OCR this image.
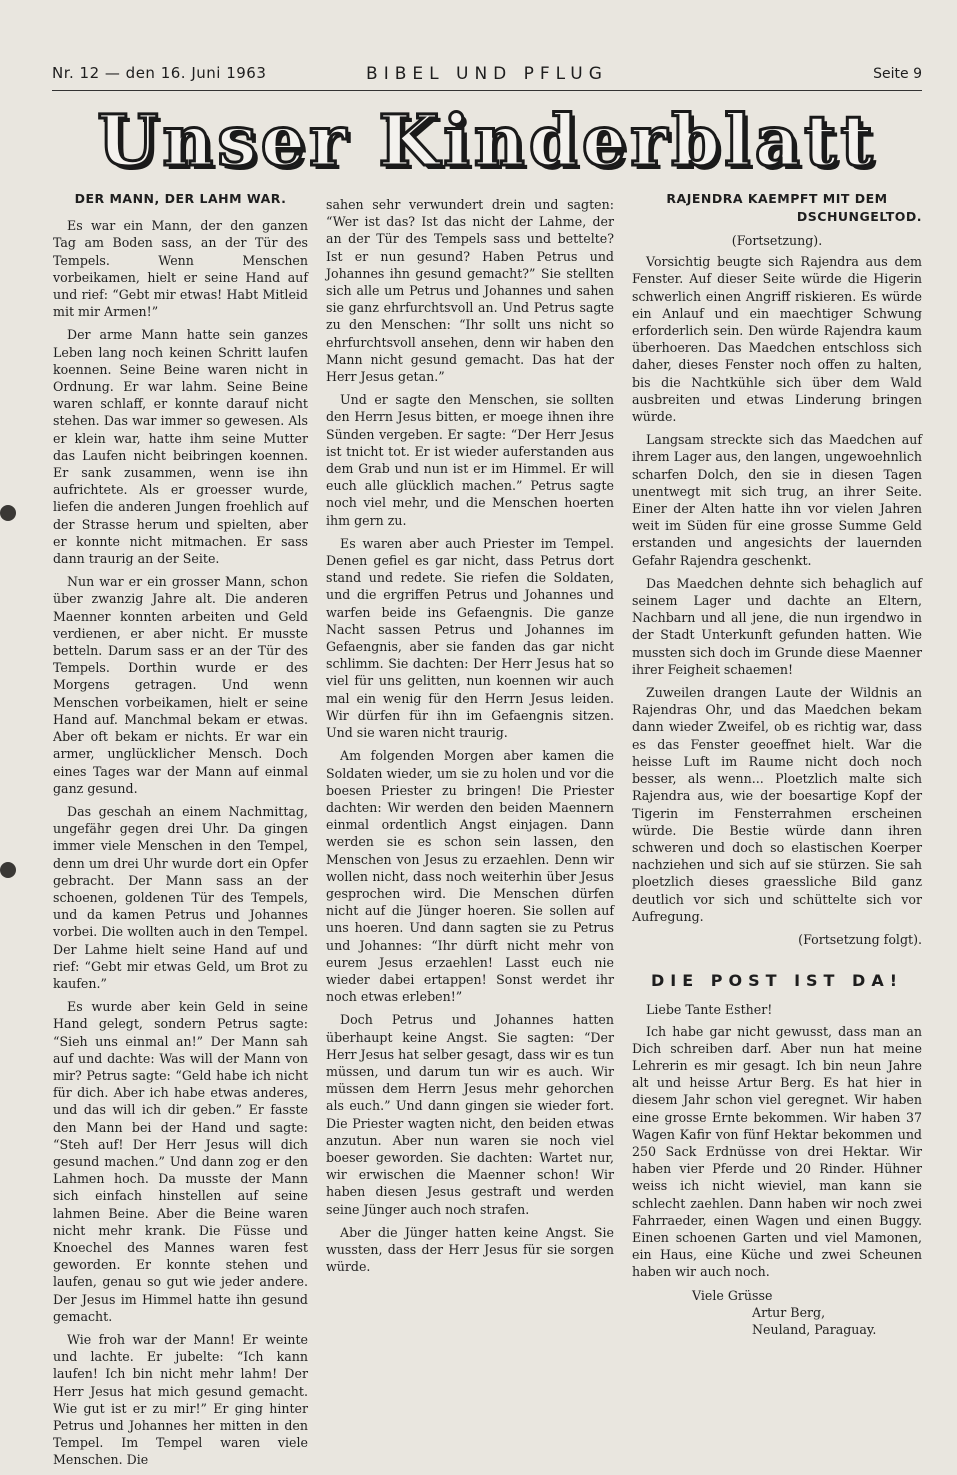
Nr. 12 — den 16. Juni 1963	BIBEL UND PFLUG	Seite 9
Unser Kinderblatt
DER MANN, DER LAHM WAR.

Es war ein Mann, der den ganzen Tag am Boden sass, an der Tür des Tempels. Wenn Menschen vorbeikamen, hielt er seine Hand auf und rief: “Gebt mir etwas! Habt Mitleid mit mir Armen!”

Der arme Mann hatte sein ganzes Leben lang noch keinen Schritt laufen koennen. Seine Beine waren nicht in Ordnung. Er war lahm. Seine Beine waren schlaff, er konnte darauf nicht stehen. Das war immer so gewesen. Als er klein war, hatte ihm seine Mutter das Laufen nicht beibringen koennen. Er sank zusammen, wenn ise ihn aufrichtete. Als er groesser wurde, liefen die anderen Jungen froehlich auf der Strasse herum und spielten, aber er konnte nicht mitmachen. Er sass dann traurig an der Seite.

Nun war er ein grosser Mann, schon über zwanzig Jahre alt. Die anderen Maenner konnten arbeiten und Geld verdienen, er aber nicht. Er musste betteln. Darum sass er an der Tür des Tempels. Dorthin wurde er des Morgens getragen. Und wenn Menschen vorbeikamen, hielt er seine Hand auf. Manchmal bekam er etwas. Aber oft bekam er nichts. Er war ein armer, unglücklicher Mensch. Doch eines Tages war der Mann auf einmal ganz gesund.

Das geschah an einem Nachmittag, ungefähr gegen drei Uhr. Da gingen immer viele Menschen in den Tempel, denn um drei Uhr wurde dort ein Opfer gebracht. Der Mann sass an der schoenen, goldenen Tür des Tempels, und da kamen Petrus und Johannes vorbei. Die wollten auch in den Tempel. Der Lahme hielt seine Hand auf und rief: “Gebt mir etwas Geld, um Brot zu kaufen.”

Es wurde aber kein Geld in seine Hand gelegt, sondern Petrus sagte: “Sieh uns einmal an!” Der Mann sah auf und dachte: Was will der Mann von mir? Petrus sagte: “Geld habe ich nicht für dich. Aber ich habe etwas anderes, und das will ich dir geben.” Er fasste den Mann bei der Hand und sagte: “Steh auf! Der Herr Jesus will dich gesund machen.” Und dann zog er den Lahmen hoch. Da musste der Mann sich einfach hinstellen auf seine lahmen Beine. Aber die Beine waren nicht mehr krank. Die Füsse und Knoechel des Mannes waren fest geworden. Er konnte stehen und laufen, genau so gut wie jeder andere. Der Jesus im Himmel hatte ihn gesund gemacht.

Wie froh war der Mann! Er weinte und lachte. Er jubelte: “Ich kann laufen! Ich bin nicht mehr lahm! Der Herr Jesus hat mich gesund gemacht. Wie gut ist er zu mir!” Er ging hinter Petrus und Johannes her mitten in den Tempel. Im Tempel waren viele Menschen. Die

sahen sehr verwundert drein und sagten: “Wer ist das? Ist das nicht der Lahme, der an der Tür des Tempels sass und bettelte? Ist er nun gesund? Haben Petrus und Johannes ihn gesund gemacht?” Sie stellten sich alle um Petrus und Johannes und sahen sie ganz ehrfurchtsvoll an. Und Petrus sagte zu den Menschen: “Ihr sollt uns nicht so ehrfurchtsvoll ansehen, denn wir haben den Mann nicht gesund gemacht. Das hat der Herr Jesus getan.”

Und er sagte den Menschen, sie sollten den Herrn Jesus bitten, er moege ihnen ihre Sünden vergeben. Er sagte: “Der Herr Jesus ist tnicht tot. Er ist wieder auferstanden aus dem Grab und nun ist er im Himmel. Er will euch alle glücklich machen.” Petrus sagte noch viel mehr, und die Menschen hoerten ihm gern zu.

Es waren aber auch Priester im Tempel. Denen gefiel es gar nicht, dass Petrus dort stand und redete. Sie riefen die Soldaten, und die ergriffen Petrus und Johannes und warfen beide ins Gefaengnis. Die ganze Nacht sassen Petrus und Johannes im Gefaengnis, aber sie fanden das gar nicht schlimm. Sie dachten: Der Herr Jesus hat so viel für uns gelitten, nun koennen wir auch mal ein wenig für den Herrn Jesus leiden. Wir dürfen für ihn im Gefaengnis sitzen. Und sie waren nicht traurig.

Am folgenden Morgen aber kamen die Soldaten wieder, um sie zu holen und vor die boesen Priester zu bringen! Die Priester dachten: Wir werden den beiden Maennern einmal ordentlich Angst einjagen. Dann werden sie es schon sein lassen, den Menschen von Jesus zu erzaehlen. Denn wir wollen nicht, dass noch weiterhin über Jesus gesprochen wird. Die Menschen dürfen nicht auf die Jünger hoeren. Sie sollen auf uns hoeren. Und dann sagten sie zu Petrus und Johannes: “Ihr dürft nicht mehr von eurem Jesus erzaehlen! Lasst euch nie wieder dabei ertappen! Sonst werdet ihr noch etwas erleben!”

Doch Petrus und Johannes hatten überhaupt keine Angst. Sie sagten: “Der Herr Jesus hat selber gesagt, dass wir es tun müssen, und darum tun wir es auch. Wir müssen dem Herrn Jesus mehr gehorchen als euch.” Und dann gingen sie wieder fort. Die Priester wagten nicht, den beiden etwas anzutun. Aber nun waren sie noch viel boeser geworden. Sie dachten: Wartet nur, wir erwischen die Maenner schon! Wir haben diesen Jesus gestraft und werden seine Jünger auch noch strafen.

Aber die Jünger hatten keine Angst. Sie wussten, dass der Herr Jesus für sie sorgen würde.

RAJENDRA KAEMPFT MIT DEM
DSCHUNGELTOD.
(Fortsetzung).

Vorsichtig beugte sich Rajendra aus dem Fenster. Auf dieser Seite würde die Higerin schwerlich einen Angriff riskieren. Es würde ein Anlauf und ein maechtiger Schwung erforderlich sein. Den würde Rajendra kaum überhoeren. Das Maedchen entschloss sich daher, dieses Fenster noch offen zu halten, bis die Nachtkühle sich über dem Wald ausbreiten und etwas Linderung bringen würde.

Langsam streckte sich das Maedchen auf ihrem Lager aus, den langen, ungewoehnlich scharfen Dolch, den sie in diesen Tagen unentwegt mit sich trug, an ihrer Seite. Einer der Alten hatte ihn vor vielen Jahren weit im Süden für eine grosse Summe Geld erstanden und angesichts der lauernden Gefahr Rajendra geschenkt.

Das Maedchen dehnte sich behaglich auf seinem Lager und dachte an Eltern, Nachbarn und all jene, die nun irgendwo in der Stadt Unterkunft gefunden hatten. Wie mussten sich doch im Grunde diese Maenner ihrer Feigheit schaemen!

Zuweilen drangen Laute der Wildnis an Rajendras Ohr, und das Maedchen bekam dann wieder Zweifel, ob es richtig war, dass es das Fenster geoeffnet hielt. War die heisse Luft im Raume nicht doch noch besser, als wenn... Ploetzlich malte sich Rajendra aus, wie der boesartige Kopf der Tigerin im Fensterrahmen erscheinen würde. Die Bestie würde dann ihren schweren und doch so elastischen Koerper nachziehen und sich auf sie stürzen. Sie sah ploetzlich dieses graessliche Bild ganz deutlich vor sich und schüttelte sich vor Aufregung.

(Fortsetzung folgt).
DIE POST IST DA!
Liebe Tante Esther!

Ich habe gar nicht gewusst, dass man an Dich schreiben darf. Aber nun hat meine Lehrerin es mir gesagt. Ich bin neun Jahre alt und heisse Artur Berg. Es hat hier in diesem Jahr schon viel geregnet. Wir haben eine grosse Ernte bekommen. Wir haben 37 Wagen Kafir von fünf Hektar bekommen und 250 Sack Erdnüsse von drei Hektar. Wir haben vier Pferde und 20 Rinder. Hühner weiss ich nicht wieviel, man kann sie schlecht zaehlen. Dann haben wir noch zwei Fahrraeder, einen Wagen und einen Buggy. Einen schoenen Garten und viel Mamonen, ein Haus, eine Küche und zwei Scheunen haben wir auch noch.

Viele Grüsse
Artur Berg,
Neuland, Paraguay.
